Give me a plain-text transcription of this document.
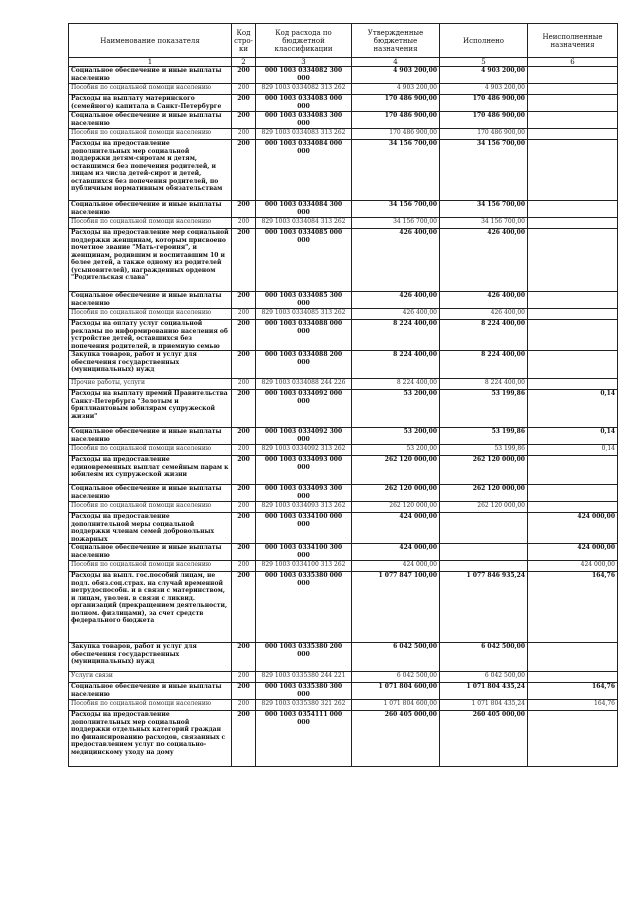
Наименование показателя	Код стро-ки	Код расхода по бюджетной классификации	Утвержденные бюджетные назначения	Исполнено	Неисполненные назначения
1	2	3	4	5	6
Социальное обеспечение и иные выплаты населению	200	000 1003 0334082 300 000	4 903 200,00	4 903 200,00	
Пособия по социальной помощи населению	200	829 1003 0334082 313 262	4 903 200,00	4 903 200,00	
Расходы на выплату материнского (семейного) капитала в Санкт-Петербурге	200	000 1003 0334083 000 000	170 486 900,00	170 486 900,00	
Социальное обеспечение и иные выплаты населению	200	000 1003 0334083 300 000	170 486 900,00	170 486 900,00	
Пособия по социальной помощи населению	200	829 1003 0334083 313 262	170 486 900,00	170 486 900,00	
Расходы на предоставление дополнительных мер социальной поддержки детям-сиротам и детям, оставшимся без попечения родителей, и лицам из числа детей-сирот и детей, оставшихся без попечения родителей, по публичным нормативным обязательствам	200	000 1003 0334084 000 000	34 156 700,00	34 156 700,00	
Социальное обеспечение и иные выплаты населению	200	000 1003 0334084 300 000	34 156 700,00	34 156 700,00	
Пособия по социальной помощи населению	200	829 1003 0334084 313 262	34 156 700,00	34 156 700,00	
Расходы на предоставление мер социальной поддержки женщинам, которым присвоено почетное звание "Мать-героиня", и женщинам, родившим и воспитавшим 10 и более детей, а также одному из родителей (усыновителей), награжденных орденом "Родительская слава"	200	000 1003 0334085 000 000	426 400,00	426 400,00	
Социальное обеспечение и иные выплаты населению	200	000 1003 0334085 300 000	426 400,00	426 400,00	
Пособия по социальной помощи населению	200	829 1003 0334085 313 262	426 400,00	426 400,00	
Расходы на оплату услуг социальной рекламы по информированию населения об устройстве детей, оставшихся без попечения родителей, в приемную семью	200	000 1003 0334088 000 000	8 224 400,00	8 224 400,00	
Закупка товаров, работ и услуг для обеспечения государственных (муниципальных) нужд	200	000 1003 0334088 200 000	8 224 400,00	8 224 400,00	
Прочие работы, услуги	200	829 1003 0334088 244 226	8 224 400,00	8 224 400,00	
Расходы на выплату премий Правительства Санкт-Петербурга "Золотым и бриллиантовым юбилярам супружеской жизни"	200	000 1003 0334092 000 000	53 200,00	53 199,86	0,14
Социальное обеспечение и иные выплаты населению	200	000 1003 0334092 300 000	53 200,00	53 199,86	0,14
Пособия по социальной помощи населению	200	829 1003 0334092 313 262	53 200,00	53 199,86	0,14
Расходы на предоставление единовременных выплат семейным парам к юбилеям их супружеской жизни	200	000 1003 0334093 000 000	262 120 000,00	262 120 000,00	
Социальное обеспечение и иные выплаты населению	200	000 1003 0334093 300 000	262 120 000,00	262 120 000,00	
Пособия по социальной помощи населению	200	829 1003 0334093 313 262	262 120 000,00	262 120 000,00	
Расходы на предоставление дополнительной меры социальной поддержки членам семей добровольных пожарных	200	000 1003 0334100 000 000	424 000,00		424 000,00
Социальное обеспечение и иные выплаты населению	200	000 1003 0334100 300 000	424 000,00		424 000,00
Пособия по социальной помощи населению	200	829 1003 0334100 313 262	424 000,00		424 000,00
Расходы на выпл. гос.пособий лицам, не подл. обяз.соц.страх. на случай временной нетрудоспособн. и в связи с материнством, и лицам, уволен. в связи с ликвид. организаций (прекращением деятельности, полном. физлицами), за счет средств федерального бюджета	200	000 1003 0335380 000 000	1 077 847 100,00	1 077 846 935,24	164,76
Закупка товаров, работ и услуг для обеспечения государственных (муниципальных) нужд	200	000 1003 0335380 200 000	6 042 500,00	6 042 500,00	
Услуги связи	200	829 1003 0335380 244 221	6 042 500,00	6 042 500,00	
Социальное обеспечение и иные выплаты населению	200	000 1003 0335380 300 000	1 071 804 600,00	1 071 804 435,24	164,76
Пособия по социальной помощи населению	200	829 1003 0335380 321 262	1 071 804 600,00	1 071 804 435,24	164,76
Расходы на предоставление дополнительных мер социальной поддержки отдельных категорий граждан по финансированию расходов, связанных с предоставлением услуг по социально-медицинскому уходу на дому	200	000 1003 0354111 000 000	260 405 000,00	260 405 000,00	
